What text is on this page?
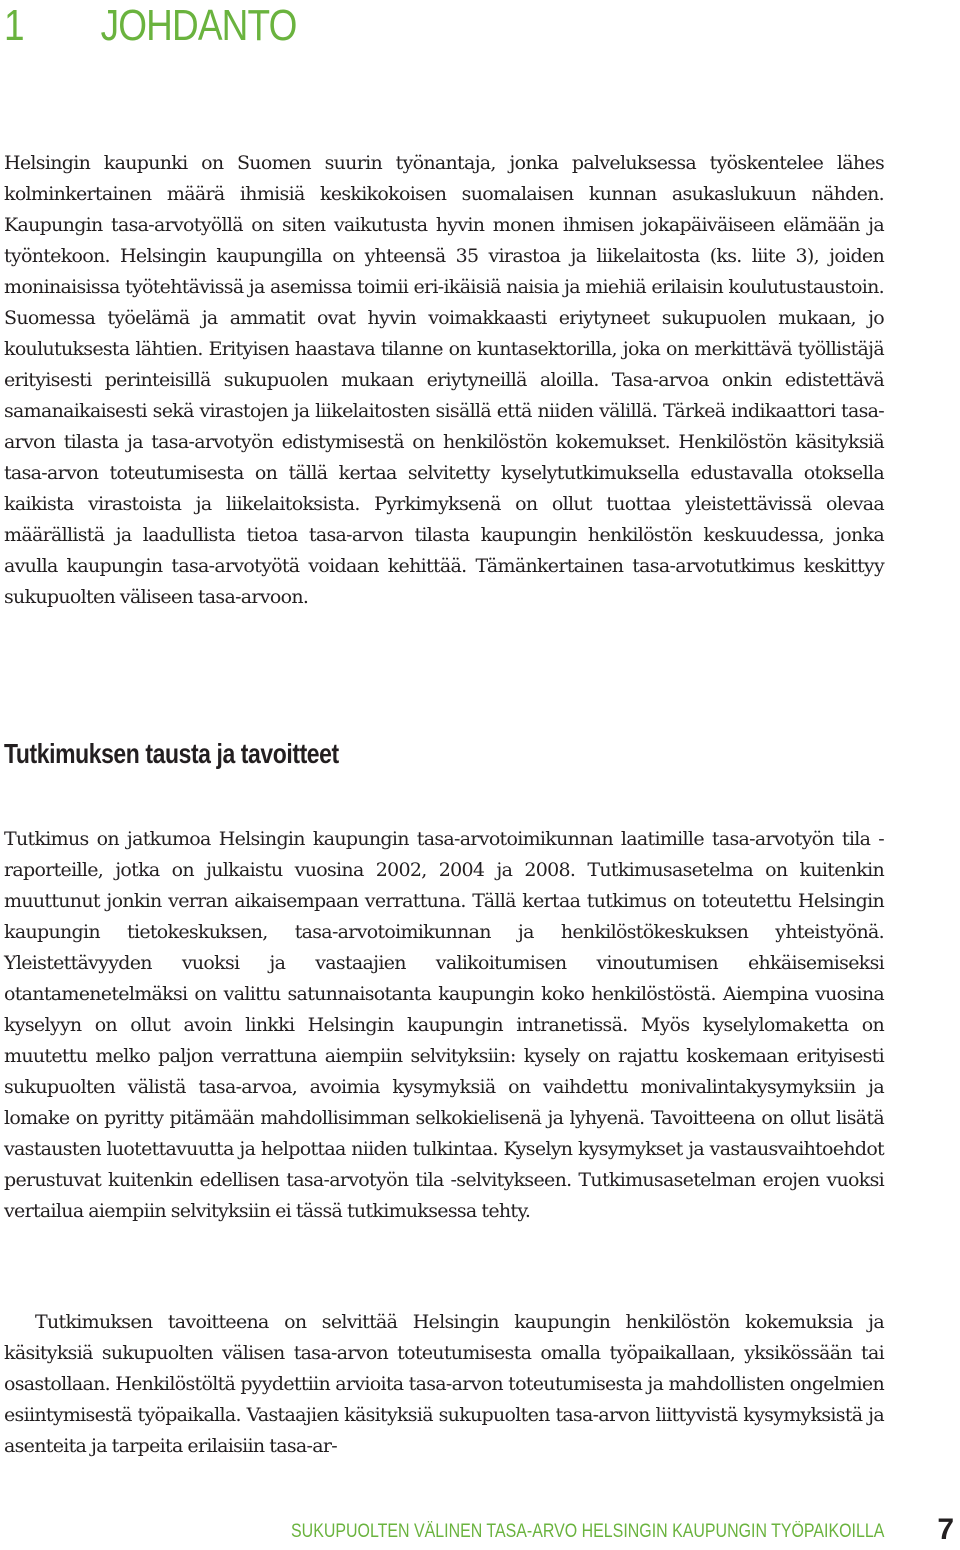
1 JOHDANTO

Helsingin kaupunki on Suomen suurin työnantaja, jonka palveluksessa työskentelee lähes kolminkertainen määrä ihmisiä keskikokoisen suomalaisen kunnan asukaslukuun nähden. Kaupungin tasa-arvotyöllä on siten vaikutusta hyvin monen ihmisen jokapäiväiseen elämään ja työntekoon. Helsingin kaupungilla on yhteensä 35 virastoa ja liikelaitosta (ks. liite 3), joiden moninaisissa työtehtävissä ja asemissa toimii eri-ikäisiä naisia ja miehiä erilaisin koulutustaustoin. Suomessa työelämä ja ammatit ovat hyvin voimakkaasti eriytyneet sukupuolen mukaan, jo koulutuksesta lähtien. Erityisen haastava tilanne on kuntasektorilla, joka on merkittävä työllistäjä erityisesti perinteisillä sukupuolen mukaan eriytyneillä aloilla. Tasa-arvoa onkin edistettävä samanaikaisesti sekä virastojen ja liikelaitosten sisällä että niiden välillä. Tärkeä indikaattori tasa-arvon tilasta ja tasa-arvotyön edistymisestä on henkilöstön kokemukset. Henkilöstön käsityksiä tasa-arvon toteutumisesta on tällä kertaa selvitetty kyselytutkimuksella edustavalla otoksella kaikista virastoista ja liikelaitoksista. Pyrkimyksenä on ollut tuottaa yleistettävissä olevaa määrällistä ja laadullista tietoa tasa-arvon tilasta kaupungin henkilöstön keskuudessa, jonka avulla kaupungin tasa-arvotyötä voidaan kehittää. Tämänkertainen tasa-arvotutkimus keskittyy sukupuolten väliseen tasa-arvoon.

Tutkimuksen tausta ja tavoitteet

Tutkimus on jatkumoa Helsingin kaupungin tasa-arvotoimikunnan laatimille tasa-arvotyön tila -raporteille, jotka on julkaistu vuosina 2002, 2004 ja 2008. Tutkimusasetelma on kuitenkin muuttunut jonkin verran aikaisempaan verrattuna. Tällä kertaa tutkimus on toteutettu Helsingin kaupungin tietokeskuksen, tasa-arvotoimikunnan ja henkilöstökeskuksen yhteistyönä. Yleistettävyyden vuoksi ja vastaajien valikoitumisen vinoutumisen ehkäisemiseksi otantamenetelmäksi on valittu satunnaisotanta kaupungin koko henkilöstöstä. Aiempina vuosina kyselyyn on ollut avoin linkki Helsingin kaupungin intranetissä. Myös kyselylomaketta on muutettu melko paljon verrattuna aiempiin selvityksiin: kysely on rajattu koskemaan erityisesti sukupuolten välistä tasa-arvoa, avoimia kysymyksiä on vaihdettu monivalintakysymyksiin ja lomake on pyritty pitämään mahdollisimman selkokielisenä ja lyhyenä. Tavoitteena on ollut lisätä vastausten luotettavuutta ja helpottaa niiden tulkintaa. Kyselyn kysymykset ja vastausvaihtoehdot perustuvat kuitenkin edellisen tasa-arvotyön tila -selvitykseen. Tutkimusasetelman erojen vuoksi vertailua aiempiin selvityksiin ei tässä tutkimuksessa tehty.

Tutkimuksen tavoitteena on selvittää Helsingin kaupungin henkilöstön kokemuksia ja käsityksiä sukupuolten välisen tasa-arvon toteutumisesta omalla työpaikallaan, yksikössään tai osastollaan. Henkilöstöltä pyydettiin arvioita tasa-arvon toteutumisesta ja mahdollisten ongelmien esiintymisestä työpaikalla. Vastaajien käsityksiä sukupuolten tasa-arvon liittyvistä kysymyksistä ja asenteita ja tarpeita erilaisiin tasa-ar-

SUKUPUOLTEN VÄLINEN TASA-ARVO HELSINGIN KAUPUNGIN TYÖPAIKOILLA 7
